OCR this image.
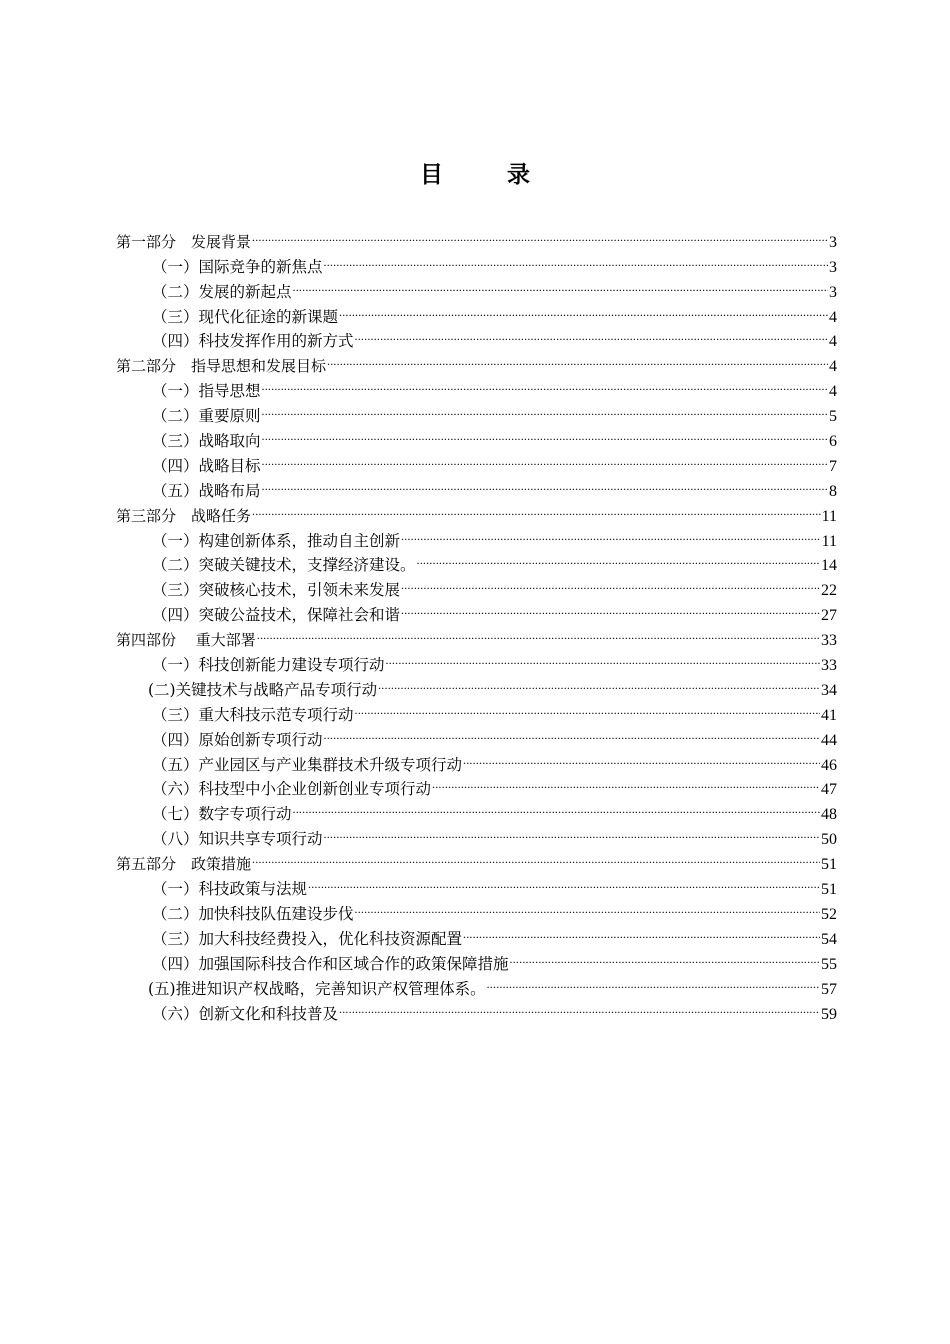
目 录
第一部分　发展背景 .....	3
（一）国际竞争的新焦点 .....	3
（二）发展的新起点 .....	3
（三）现代化征途的新课题 .....	4
（四）科技发挥作用的新方式 .....	4
第二部分　指导思想和发展目标 .....	4
（一）指导思想 .....	4
（二）重要原则 .....	5
（三）战略取向 .....	6
（四）战略目标 .....	7
（五）战略布局 .....	8
第三部分　战略任务 .....	11
（一）构建创新体系，推动自主创新 .....	11
（二）突破关键技术，支撑经济建设。 .....	14
（三）突破核心技术，引领未来发展 .....	22
（四）突破公益技术，保障社会和谐 .....	27
第四部份　 重大部署 .....	33
（一）科技创新能力建设专项行动 .....	33
(二)关键技术与战略产品专项行动 .....	34
（三）重大科技示范专项行动 .....	41
（四）原始创新专项行动 .....	44
（五）产业园区与产业集群技术升级专项行动 .....	46
（六）科技型中小企业创新创业专项行动 .....	47
（七）数字专项行动 .....	48
（八）知识共享专项行动 .....	50
第五部分　政策措施 .....	51
（一）科技政策与法规 .....	51
（二）加快科技队伍建设步伐 .....	52
（三）加大科技经费投入，优化科技资源配置 .....	54
（四）加强国际科技合作和区域合作的政策保障措施 .....	55
(五)推进知识产权战略，完善知识产权管理体系。 .....	57
（六）创新文化和科技普及 .....	59
